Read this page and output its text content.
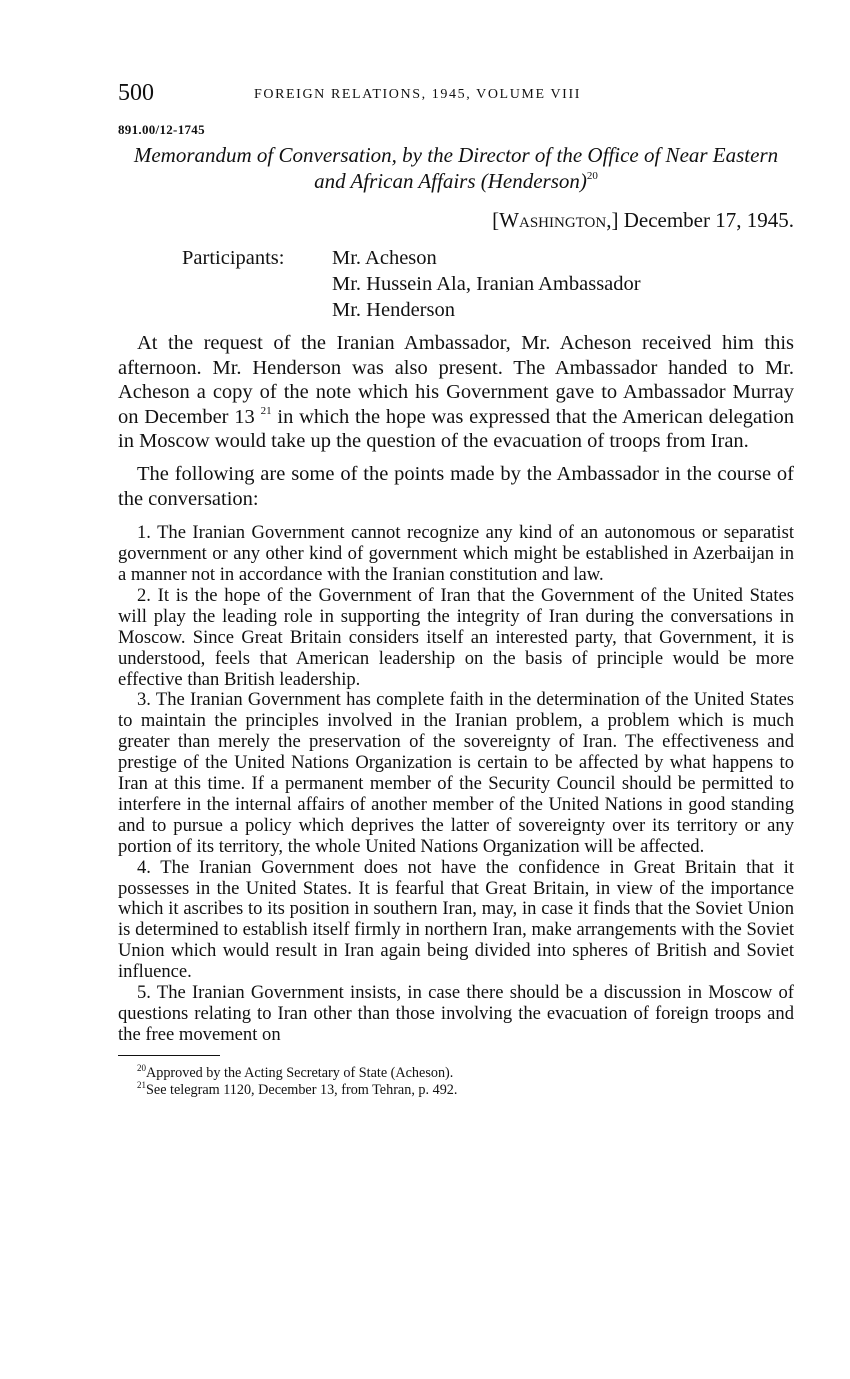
500	FOREIGN RELATIONS, 1945, VOLUME VIII
891.00/12-1745
Memorandum of Conversation, by the Director of the Office of Near Eastern and African Affairs (Henderson)$^{20}$
[Washington,] December 17, 1945.
Participants:	Mr. Acheson
Mr. Hussein Ala, Iranian Ambassador
Mr. Henderson

At the request of the Iranian Ambassador, Mr. Acheson received him this afternoon. Mr. Henderson was also present. The Ambassador handed to Mr. Acheson a copy of the note which his Government gave to Ambassador Murray on December 13 $^{21}$ in which the hope was expressed that the American delegation in Moscow would take up the question of the evacuation of troops from Iran.

The following are some of the points made by the Ambassador in the course of the conversation:

1. The Iranian Government cannot recognize any kind of an autonomous or separatist government or any other kind of government which might be established in Azerbaijan in a manner not in accordance with the Iranian constitution and law.

2. It is the hope of the Government of Iran that the Government of the United States will play the leading role in supporting the integrity of Iran during the conversations in Moscow. Since Great Britain considers itself an interested party, that Government, it is understood, feels that American leadership on the basis of principle would be more effective than British leadership.

3. The Iranian Government has complete faith in the determination of the United States to maintain the principles involved in the Iranian problem, a problem which is much greater than merely the preservation of the sovereignty of Iran. The effectiveness and prestige of the United Nations Organization is certain to be affected by what happens to Iran at this time. If a permanent member of the Security Council should be permitted to interfere in the internal affairs of another member of the United Nations in good standing and to pursue a policy which deprives the latter of sovereignty over its territory or any portion of its territory, the whole United Nations Organization will be affected.

4. The Iranian Government does not have the confidence in Great Britain that it possesses in the United States. It is fearful that Great Britain, in view of the importance which it ascribes to its position in southern Iran, may, in case it finds that the Soviet Union is determined to establish itself firmly in northern Iran, make arrangements with the Soviet Union which would result in Iran again being divided into spheres of British and Soviet influence.

5. The Iranian Government insists, in case there should be a discussion in Moscow of questions relating to Iran other than those involving the evacuation of foreign troops and the free movement on

$^{20}$Approved by the Acting Secretary of State (Acheson).
$^{21}$See telegram 1120, December 13, from Tehran, p. 492.
